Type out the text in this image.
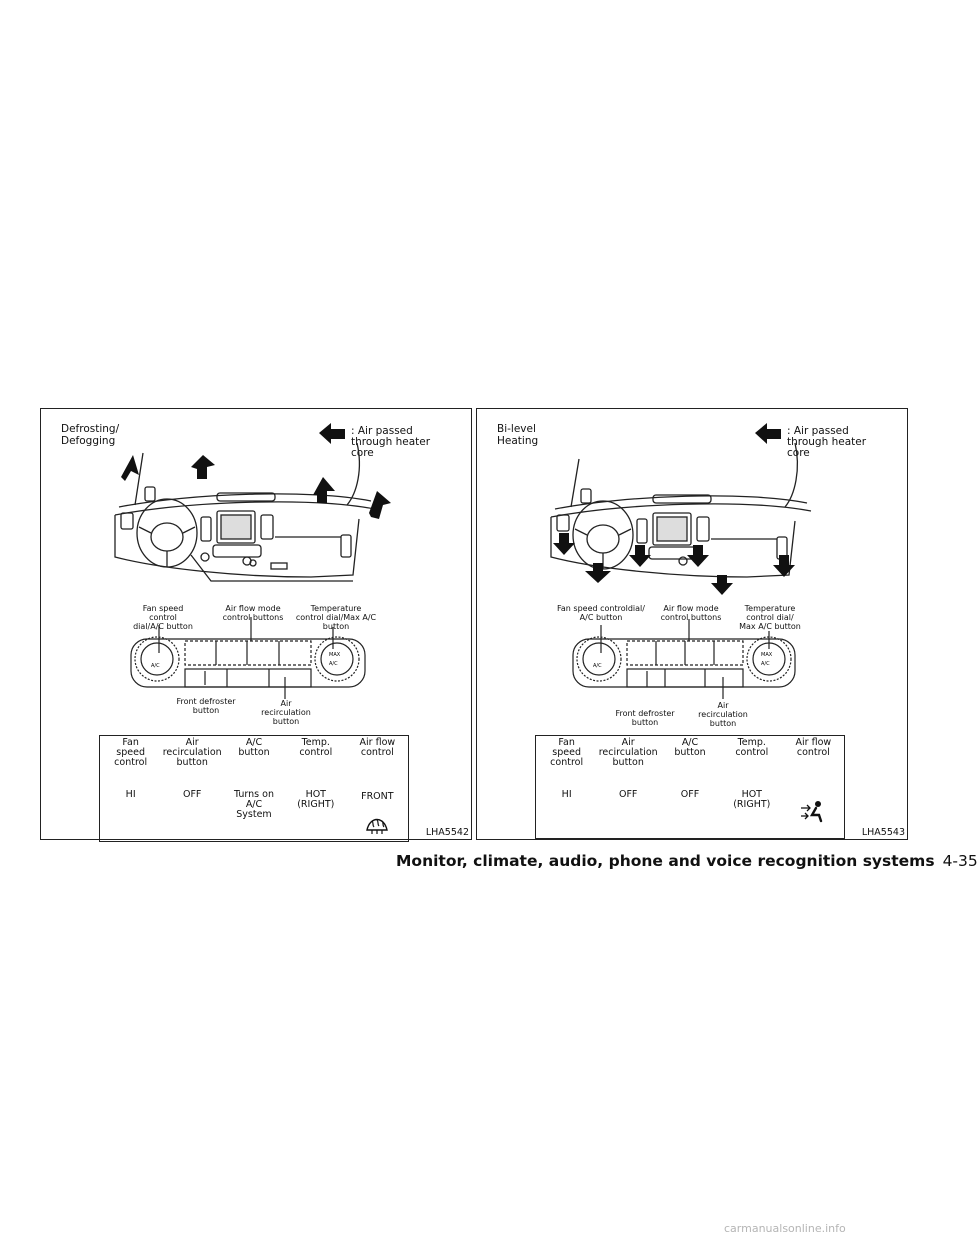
Defrosting/
Defogging
: Air passed
through heater
core
A/C
MAX
A/C
Fan speed
control
dial/A/C button
Air flow mode
control buttons
Temperature
control dial/Max A/C
button
Front defroster
button
Air
recirculation
button
Fan
speed
control	Air
recirculation
button	A/C
button	Temp.
control	Air flow
control
HI	OFF	Turns on
A/C
System	HOT
(RIGHT)	FRONT

LHA5542
Bi-level
Heating
: Air passed
through heater
core
A/C
MAX
A/C
Fan speed controldial/
A/C button
Air flow mode
control buttons
Temperature
control dial/
Max A/C button
Front defroster
button
Air
recirculation
button
Fan
speed
control	Air
recirculation
button	A/C
button	Temp.
control	Air flow
control
HI	OFF	OFF	HOT
(RIGHT)	

LHA5543
Monitor, climate, audio, phone and voice recognition systems 4-35
carmanualsonline.info
